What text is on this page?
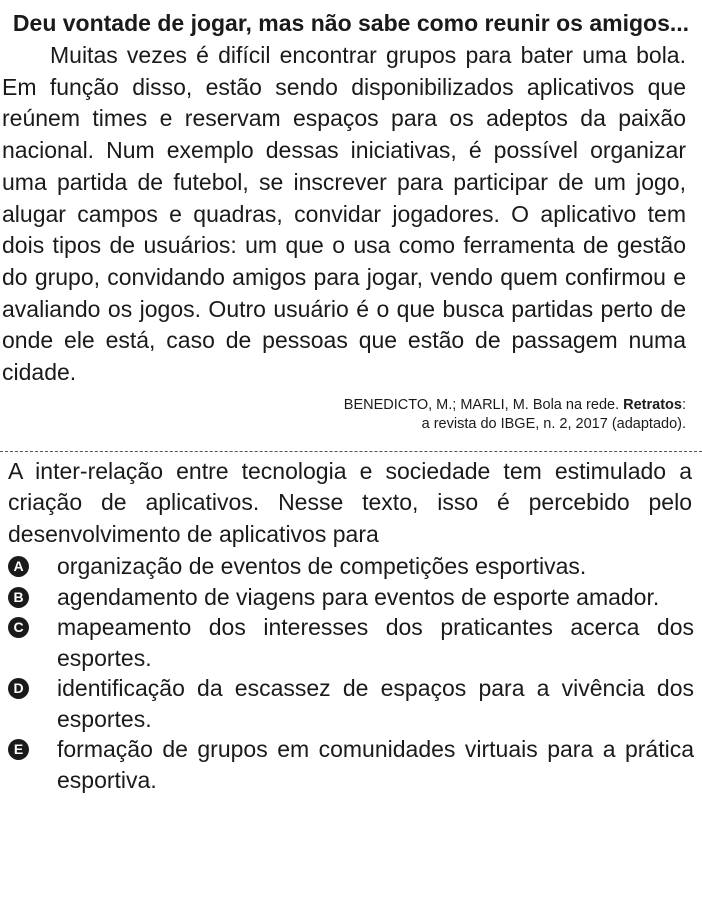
Deu vontade de jogar, mas não sabe como reunir os amigos...

Muitas vezes é difícil encontrar grupos para bater uma bola. Em função disso, estão sendo disponibilizados aplicativos que reúnem times e reservam espaços para os adeptos da paixão nacional. Num exemplo dessas iniciativas, é possível organizar uma partida de futebol, se inscrever para participar de um jogo, alugar campos e quadras, convidar jogadores. O aplicativo tem dois tipos de usuários: um que o usa como ferramenta de gestão do grupo, convidando amigos para jogar, vendo quem confirmou e avaliando os jogos. Outro usuário é o que busca partidas perto de onde ele está, caso de pessoas que estão de passagem numa cidade.

BENEDICTO, M.; MARLI, M. Bola na rede. Retratos:
a revista do IBGE, n. 2, 2017 (adaptado).

A inter-relação entre tecnologia e sociedade tem estimulado a criação de aplicativos. Nesse texto, isso é percebido pelo desenvolvimento de aplicativos para

A organização de eventos de competições esportivas.
B agendamento de viagens para eventos de esporte amador.
C mapeamento dos interesses dos praticantes acerca dos esportes.
D identificação da escassez de espaços para a vivência dos esportes.
E formação de grupos em comunidades virtuais para a prática esportiva.
